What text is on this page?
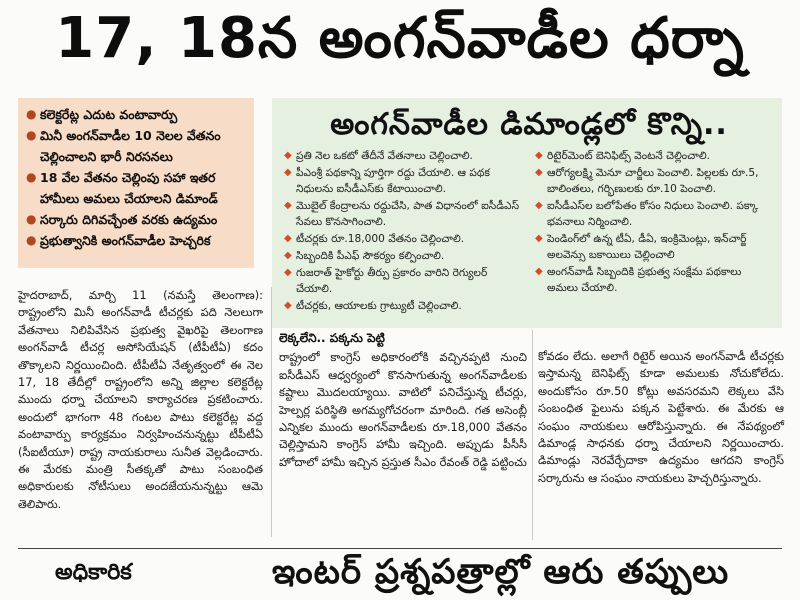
17, 18న అంగన్‌వాడీల ధర్నా
● కలెక్టరేట్ల ఎదుట వంటావార్పు
● మినీ అంగన్‌వాడీల 10 నెలల వేతనం చెల్లించాలని భారీ నిరసనలు
● 18 వేల వేతనం చెల్లింపు సహా ఇతర హామీలు అమలు చేయాలని డిమాండ్
● సర్కారు దిగివచ్చేంత వరకు ఉద్యమం
● ప్రభుత్వానికి అంగన్‌వాడీల హెచ్చరిక
అంగన్‌వాడీల డిమాండ్లలో కొన్ని..
◆ ప్రతి నెల ఒకటో తేదీనే వేతనాలు చెల్లించాలి.
◆ పీఎంశ్రీ పథకాన్ని పూర్తిగా రద్దు చేయాలి. ఆ పథక నిధులను ఐసీడీఎస్‌కు కేటాయించాలి.
◆ మొబైల్ కేంద్రాలను రద్దుచేసి, పాత విధానంలో ఐసీడీఎస్ సేవలు కొనసాగించాలి.
◆ టీచర్లకు రూ.18,000 వేతనం చెల్లించాలి.
◆ సిబ్బందికి పీఎఫ్ సౌకర్యం కల్పించాలి.
◆ గుజరాత్ హైకోర్టు తీర్పు ప్రకారం వారిని రెగ్యులర్ చేయాలి.
◆ టీచర్లకు, ఆయాలకు గ్రాట్యుటీ చెల్లించాలి.
◆ రిటైర్‌మెంట్ బెనిఫిట్స్ వెంటనే చెల్లించాలి.
◆ ఆరోగ్యలక్ష్మి మెనూ చార్జీలు పెంచాలి. పిల్లలకు రూ.5, బాలింతలు, గర్భిణులకు రూ.10 పెంచాలి.
◆ ఐసీడీఎస్‌ల బలోపేతం కోసం నిధులు పెంచాలి. పక్కా భవనాలు నిర్మించాలి.
◆ పెండింగ్‌లో ఉన్న టీఏ, డీఏ, ఇంక్రిమెంట్లు, ఇన్‌చార్జ్ అలవెన్సు బకాయిలు చెల్లించాలి
◆ అంగన్‌వాడీ సిబ్బందికి ప్రభుత్వ సంక్షేమ పథకాలు అమలు చేయాలి.
హైదరాబాద్, మార్చి 11 (నమస్తే తెలంగాణ): రాష్ట్రంలోని మినీ అంగన్‌వాడీ టీచర్లకు పది నెలలుగా వేతనాలు నిలిపివేసిన ప్రభుత్వ వైఖరిపై తెలంగాణ అంగన్‌వాడీ టీచర్ల అసోసియేషన్ (టీపీటీఏ) కదం తొక్కాలని నిర్ణయించింది. టీపీటీఏ నేతృత్వంలో ఈ నెల 17, 18 తేదీల్లో రాష్ట్రంలోని అన్ని జిల్లాల కలెక్టరేట్ల ముందు ధర్నా చేయాలని కార్యాచరణ ప్రకటించారు. అందులో భాగంగా 48 గంటల పాటు కలెక్టరేట్ల వద్ద వంటావార్పు కార్యక్రమం నిర్వహించనున్నట్టు టీపీటీఏ (సీఐటీయూ) రాష్ట్ర నాయకురాలు సునీత వెల్లడించారు. ఈ మేరకు మంత్రి సీతక్కతో పాటు సంబంధిత అధికారులకు నోటీసులు అందజేయనున్నట్టు ఆమె తెలిపారు.
లెక్కలేని.. పక్కను పెట్టి
రాష్ట్రంలో కాంగ్రెస్ అధికారంలోకి వచ్చినప్పటి నుంచి ఐసీడీఎస్ ఆధ్వర్యంలో కొనసాగుతున్న అంగన్‌వాడీలకు కష్టాలు మొదలయ్యాయి. వాటిలో పనిచేస్తున్న టీచర్లు, హెల్పర్ల పరిస్థితి అగమ్యగోచరంగా మారింది. గత అసెంబ్లీ ఎన్నికల ముందు అంగన్‌వాడీలకు రూ.18,000 వేతనం చెల్లిస్తామని కాంగ్రెస్ హామీ ఇచ్చింది. అప్పుడు పీసీసీ హోదాలో హామీ ఇచ్చిన ప్రస్తుత సీఎం రేవంత్ రెడ్డి పట్టించు
కోవడం లేదు. అలాగే రిటైర్ అయిన అంగన్‌వాడీ టీచర్లకు ఇస్తామన్న బెనిఫిట్స్ కూడా అమలుకు నోచుకోలేదు. అందుకోసం రూ.50 కోట్లు అవసరమని లెక్కలు వేసి సంబంధిత ఫైలును పక్కన పెట్టేశారు. ఈ మేరకు ఆ సంఘం నాయకులు ఆరోపిస్తున్నారు. ఈ నేపథ్యంలో డిమాండ్ల సాధనకు ధర్నా చేయాలని నిర్ణయించారు. డిమాండ్లు నెరవేర్చేదాకా ఉద్యమం ఆగదని కాంగ్రెస్ సర్కారును ఆ సంఘం నాయకులు హెచ్చరిస్తున్నారు.
అధికారిక	ఇంటర్ ప్రశ్నపత్రాల్లో ఆరు తప్పులు
